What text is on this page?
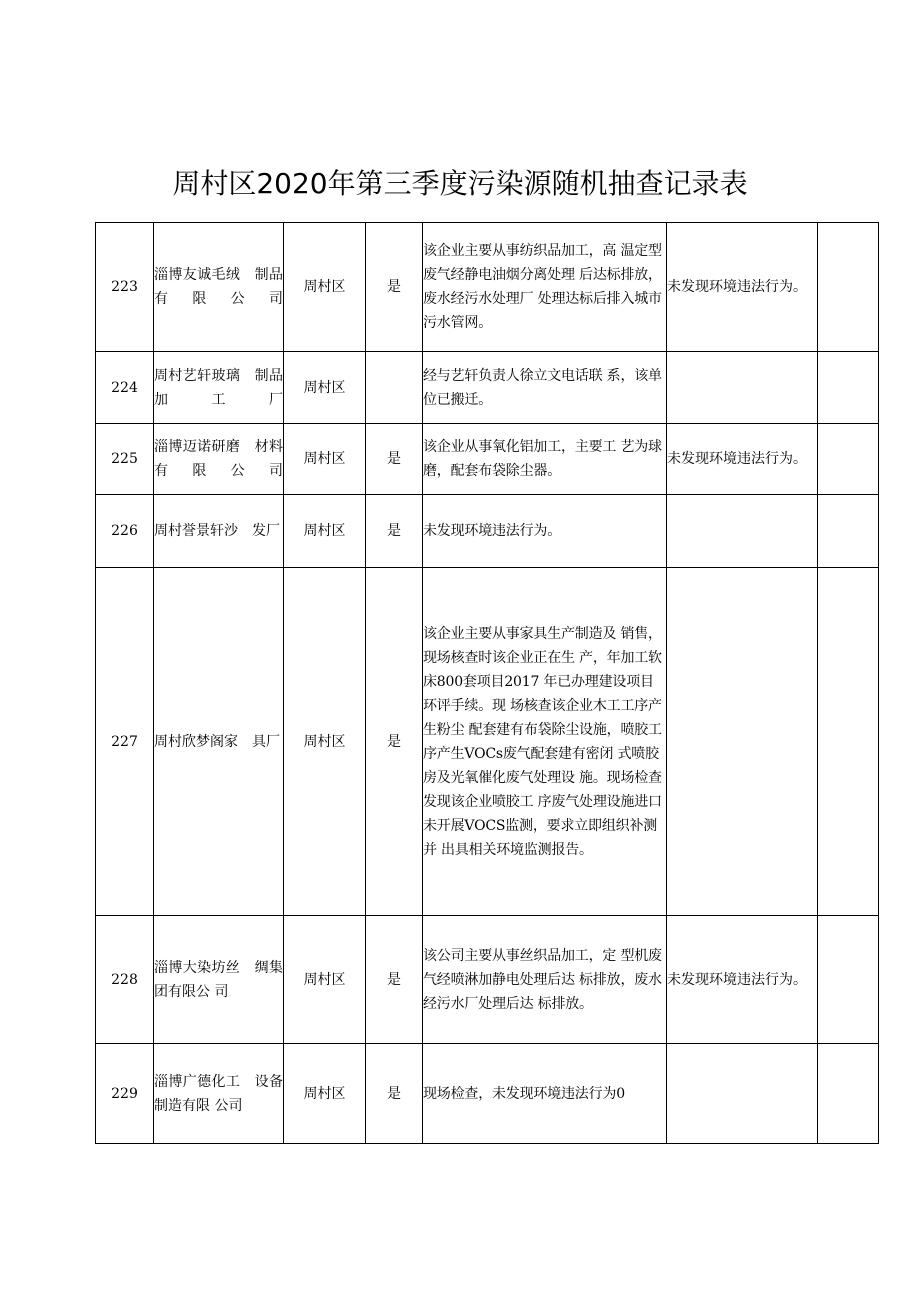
周村区2020年第三季度污染源随机抽查记录表
223	淄博友诚毛绒　制品有限公司	周村区	是	该企业主要从事纺织品加工，高 温定型废气经静电油烟分离处理 后达标排放，废水经污水处理厂 处理达标后排入城市污水管网。	未发现环境违法行为。	
224	周村艺轩玻璃　制品加工厂	周村区		经与艺轩负责人徐立文电话联 系，该单位已搬迁。		
225	淄博迈诺研磨　材料有限公司	周村区	是	该企业从事氧化铝加工，主要工 艺为球磨，配套布袋除尘器。	未发现环境违法行为。	
226	周村誉景轩沙　发厂	周村区	是	未发现环境违法行为。		
227	周村欣梦阁家　具厂	周村区	是	该企业主要从事家具生产制造及 销售，现场核查时该企业正在生 产，年加工软床800套项目2017 年已办理建设项目环评手续。现 场核查该企业木工工序产生粉尘 配套建有布袋除尘设施，喷胶工 序产生VOCs废气配套建有密闭 式喷胶房及光氧催化废气处理设 施。现场检查发现该企业喷胶工 序废气处理设施进口未开展VOCS监测，要求立即组织补测并 出具相关环境监测报告。		
228	淄博大染坊丝　绸集团有限公 司	周村区	是	该公司主要从事丝织品加工，定 型机废气经喷淋加静电处理后达 标排放，废水经污水厂处理后达 标排放。	未发现环境违法行为。	
229	淄博广德化工　设备制造有限 公司	周村区	是	现场检查，未发现环境违法行为0		
